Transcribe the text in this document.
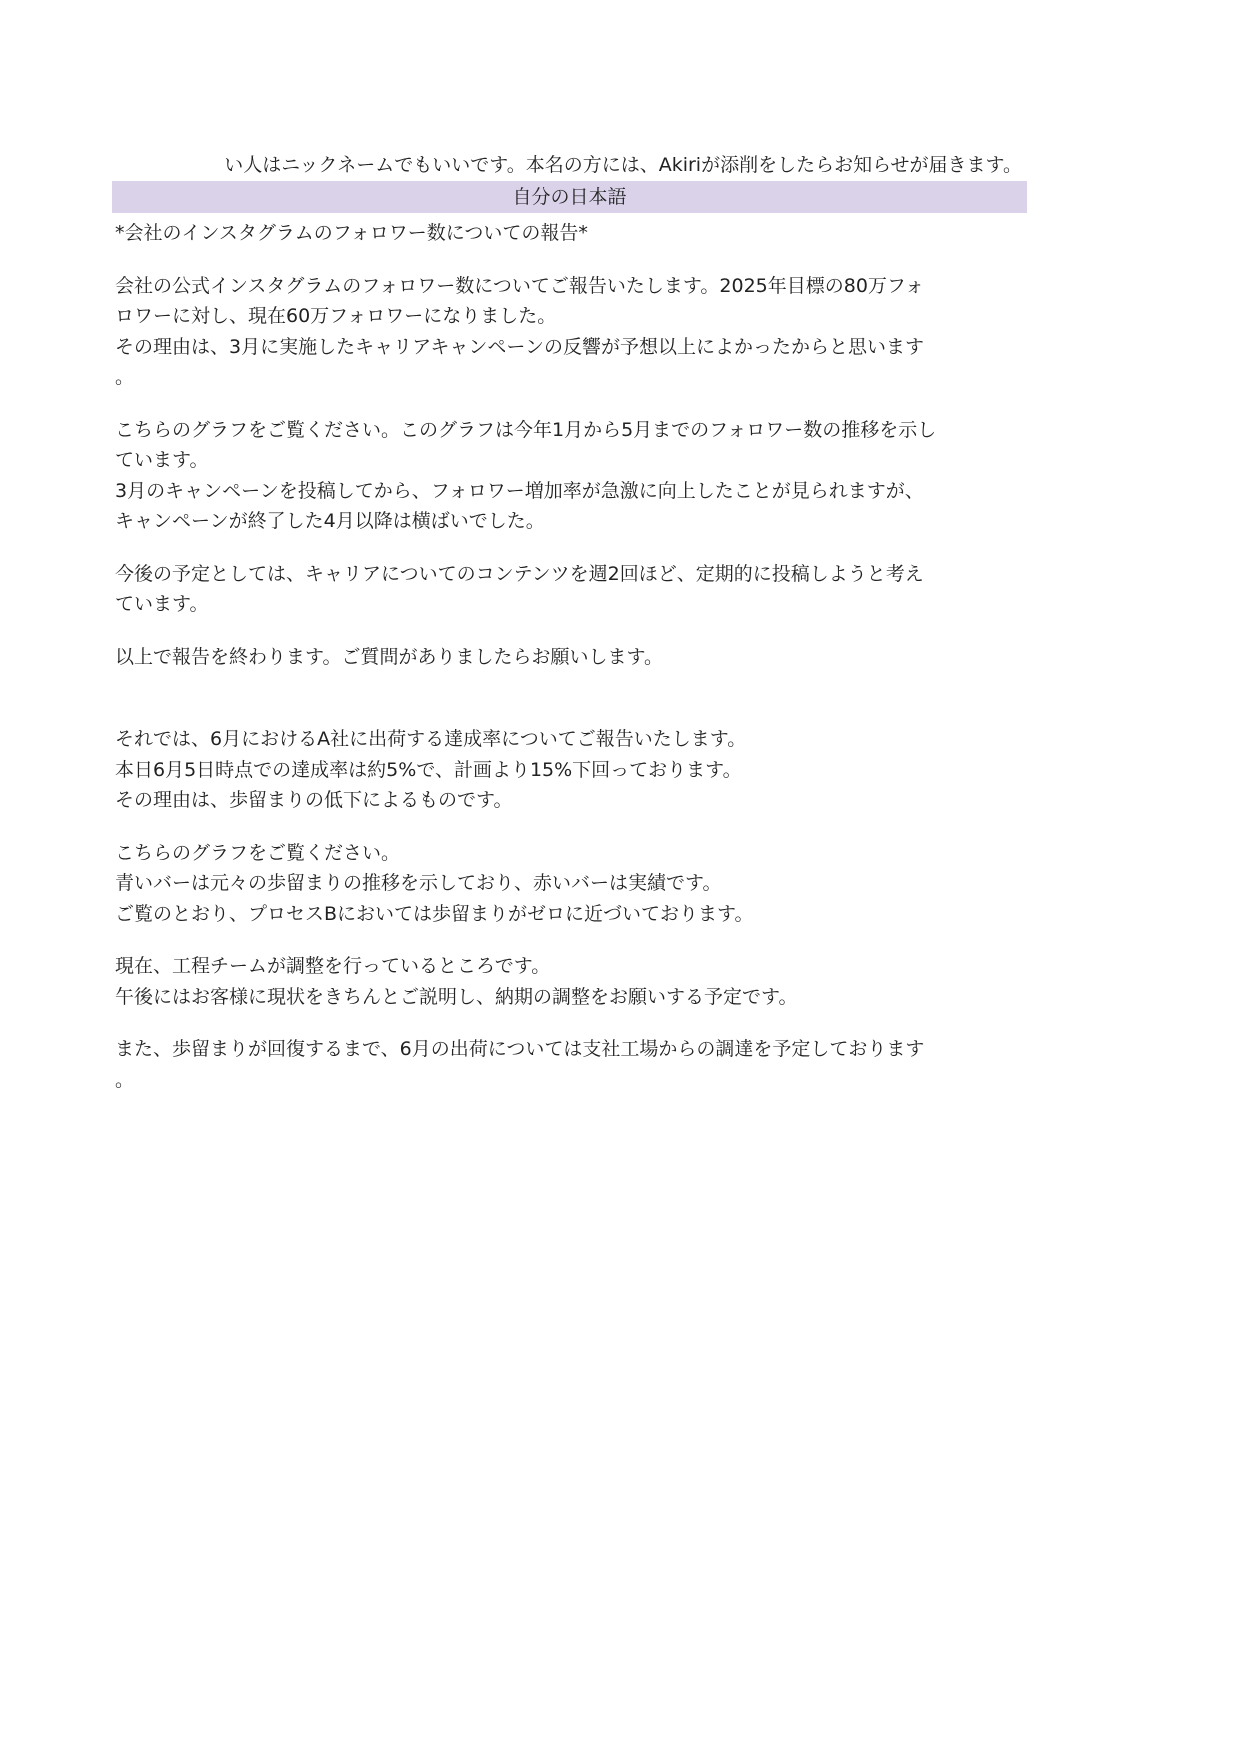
い人はニックネームでもいいです。本名の方には、Akiriが添削をしたらお知らせが届きます。
自分の日本語

*会社のインスタグラムのフォロワー数についての報告*

会社の公式インスタグラムのフォロワー数についてご報告いたします。2025年目標の80万フォ

ロワーに対し、現在60万フォロワーになりました。

その理由は、3月に実施したキャリアキャンペーンの反響が予想以上によかったからと思います

。

こちらのグラフをご覧ください。このグラフは今年1月から5月までのフォロワー数の推移を示し

ています。

3月のキャンペーンを投稿してから、フォロワー増加率が急激に向上したことが見られますが、

キャンペーンが終了した4月以降は横ばいでした。

今後の予定としては、キャリアについてのコンテンツを週2回ほど、定期的に投稿しようと考え

ています。

以上で報告を終わります。ご質問がありましたらお願いします。

それでは、6月におけるA社に出荷する達成率についてご報告いたします。

本日6月5日時点での達成率は約5%で、計画より15%下回っております。

その理由は、歩留まりの低下によるものです。

こちらのグラフをご覧ください。

青いバーは元々の歩留まりの推移を示しており、赤いバーは実績です。

ご覧のとおり、プロセスBにおいては歩留まりがゼロに近づいております。

現在、工程チームが調整を行っているところです。

午後にはお客様に現状をきちんとご説明し、納期の調整をお願いする予定です。

また、歩留まりが回復するまで、6月の出荷については支社工場からの調達を予定しております

。
